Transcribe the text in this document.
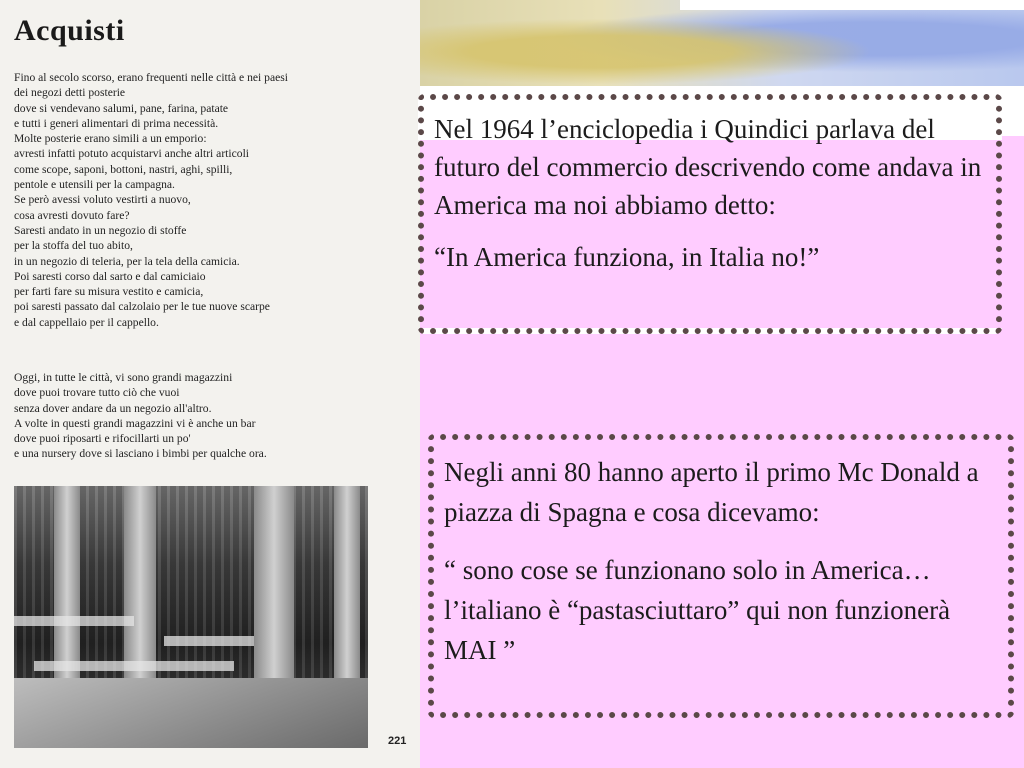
Acquisti
Fino al secolo scorso, erano frequenti nelle città e nei paesi
dei negozi detti posterie
dove si vendevano salumi, pane, farina, patate
e tutti i generi alimentari di prima necessità.
Molte posterie erano simili a un emporio:
avresti infatti potuto acquistarvi anche altri articoli
come scope, saponi, bottoni, nastri, aghi, spilli,
pentole e utensili per la campagna.
Se però avessi voluto vestirti a nuovo,
cosa avresti dovuto fare?
Saresti andato in un negozio di stoffe
per la stoffa del tuo abito,
in un negozio di teleria, per la tela della camicia.
Poi saresti corso dal sarto e dal camiciaio
per farti fare su misura vestito e camicia,
poi saresti passato dal calzolaio per le tue nuove scarpe
e dal cappellaio per il cappello.
Oggi, in tutte le città, vi sono grandi magazzini
dove puoi trovare tutto ciò che vuoi
senza dover andare da un negozio all'altro.
A volte in questi grandi magazzini vi è anche un bar
dove puoi riposarti e rifocillarti un po'
e una nursery dove si lasciano i bimbi per qualche ora.
221

Nel 1964 l’enciclopedia i Quindici parlava del futuro del commercio descrivendo come andava in America ma noi abbiamo detto:

“In America funziona, in Italia no!”

Negli anni 80 hanno aperto il primo Mc Donald a piazza di Spagna e cosa dicevamo:

“ sono cose se funzionano solo in America… l’italiano è “pastasciuttaro” qui non funzionerà MAI ”
